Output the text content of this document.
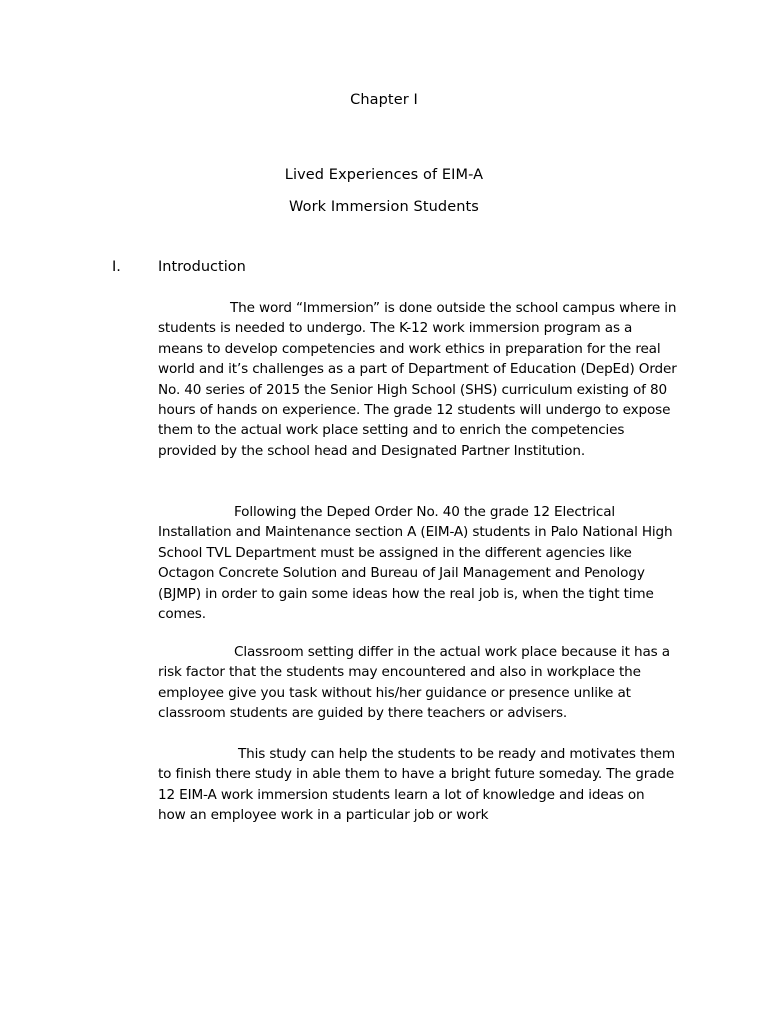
Chapter I
Lived Experiences of EIM-A
Work Immersion Students
I.	Introduction

The word “Immersion” is done outside the school campus where in
students is needed to undergo. The K-12 work immersion program as a
means to develop competencies and work ethics in preparation for the real
world and it’s challenges as a part of Department of Education (DepEd) Order
No. 40 series of 2015 the Senior High School (SHS) curriculum existing of 80
hours of hands on experience. The grade 12 students will undergo to expose
them to the actual work place setting and to enrich the competencies
provided by the school head and Designated Partner Institution.

Following the Deped Order No. 40 the grade 12 Electrical
Installation and Maintenance section A (EIM-A) students in Palo National High
School TVL Department must be assigned in the different agencies like
Octagon Concrete Solution and Bureau of Jail Management and Penology
(BJMP) in order to gain some ideas how the real job is, when the tight time
comes.

Classroom setting differ in the actual work place because it has a
risk factor that the students may encountered and also in workplace the
employee give you task without his/her guidance or presence unlike at
classroom students are guided by there teachers or advisers.

This study can help the students to be ready and motivates them
to finish there study in able them to have a bright future someday. The grade
12 EIM-A work immersion students learn a lot of knowledge and ideas on
how an employee work in a particular job or work
